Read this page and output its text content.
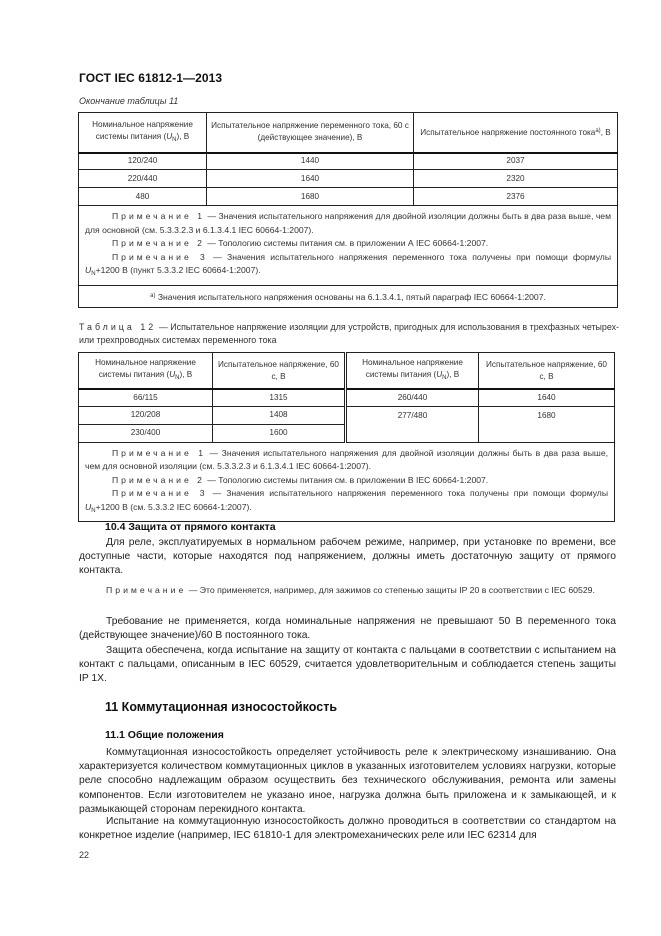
ГОСТ IEC 61812-1—2013
Окончание таблицы 11
Номинальное напряжение системы питания $(U_N)$, В	Испытательное напряжение переменного тока, 60 с (действующее значение), В	Испытательное напряжение постоянного тока$^{а)}$, В
120/240	1440	2037
220/440	1640	2320
480	1680	2376

Примечание 1 — Значения испытательного напряжения для двойной изоляции должны быть в два раза выше, чем для основной (см. 5.3.3.2.3 и 6.1.3.4.1 IEC 60664-1:2007).
Примечание 2 — Топологию системы питания см. в приложении А IEC 60664-1:2007.
Примечание 3 — Значения испытательного напряжения переменного тока получены при помощи формулы $U_N+1200$ В (пункт 5.3.3.2 IEC 60664-1:2007).		

$^{а)}$ Значения испытательного напряжения основаны на 6.1.3.4.1, пятый параграф IEC 60664-1:2007.		
Таблица 12 — Испытательное напряжение изоляции для устройств, пригодных для использования в трехфазных четырех- или трехпроводных системах переменного тока
Номинальное напряжение системы питания $(U_N)$, В	Испытательное напряжение, 60 с, В	Номинальное напряжение системы питания $(U_N)$, В	Испытательное напряжение, 60 с, В
66/115	1315	260/440	1640
120/208	1408	277/480	1680
230/400	1600		

Примечание 1 — Значения испытательного напряжения для двойной изоляции должны быть в два раза выше, чем для основной изоляции (см. 5.3.3.2.3 и 6.1.3.4.1 IEC 60664-1:2007).
Примечание 2 — Топологию системы питания см. в приложении В IEC 60664-1:2007.
Примечание 3 — Значения испытательного напряжения переменного тока получены при помощи формулы $U_N+1200$ В (см. 5.3.3.2 IEC 60664-1:2007).			
10.4 Защита от прямого контакта
Для реле, эксплуатируемых в нормальном рабочем режиме, например, при установке по времени, все доступные части, которые находятся под напряжением, должны иметь достаточную защиту от прямого контакта.
Примечание — Это применяется, например, для зажимов со степенью защиты IP 20 в соответствии с IEC 60529.
Требование не применяется, когда номинальные напряжения не превышают 50 В переменного тока (действующее значение)/60 В постоянного тока.
Защита обеспечена, когда испытание на защиту от контакта с пальцами в соответствии с испытанием на контакт с пальцами, описанным в IEC 60529, считается удовлетворительным и соблюдается степень защиты IP 1X.
11 Коммутационная износостойкость
11.1 Общие положения
Коммутационная износостойкость определяет устойчивость реле к электрическому изнашиванию. Она характеризуется количеством коммутационных циклов в указанных изготовителем условиях нагрузки, которые реле способно надлежащим образом осуществить без технического обслуживания, ремонта или замены компонентов. Если изготовителем не указано иное, нагрузка должна быть приложена и к замыкающей, и к размыкающей сторонам перекидного контакта.
Испытание на коммутационную износостойкость должно проводиться в соответствии со стандартом на конкретное изделие (например, IEC 61810-1 для электромеханических реле или IEC 62314 для
22
